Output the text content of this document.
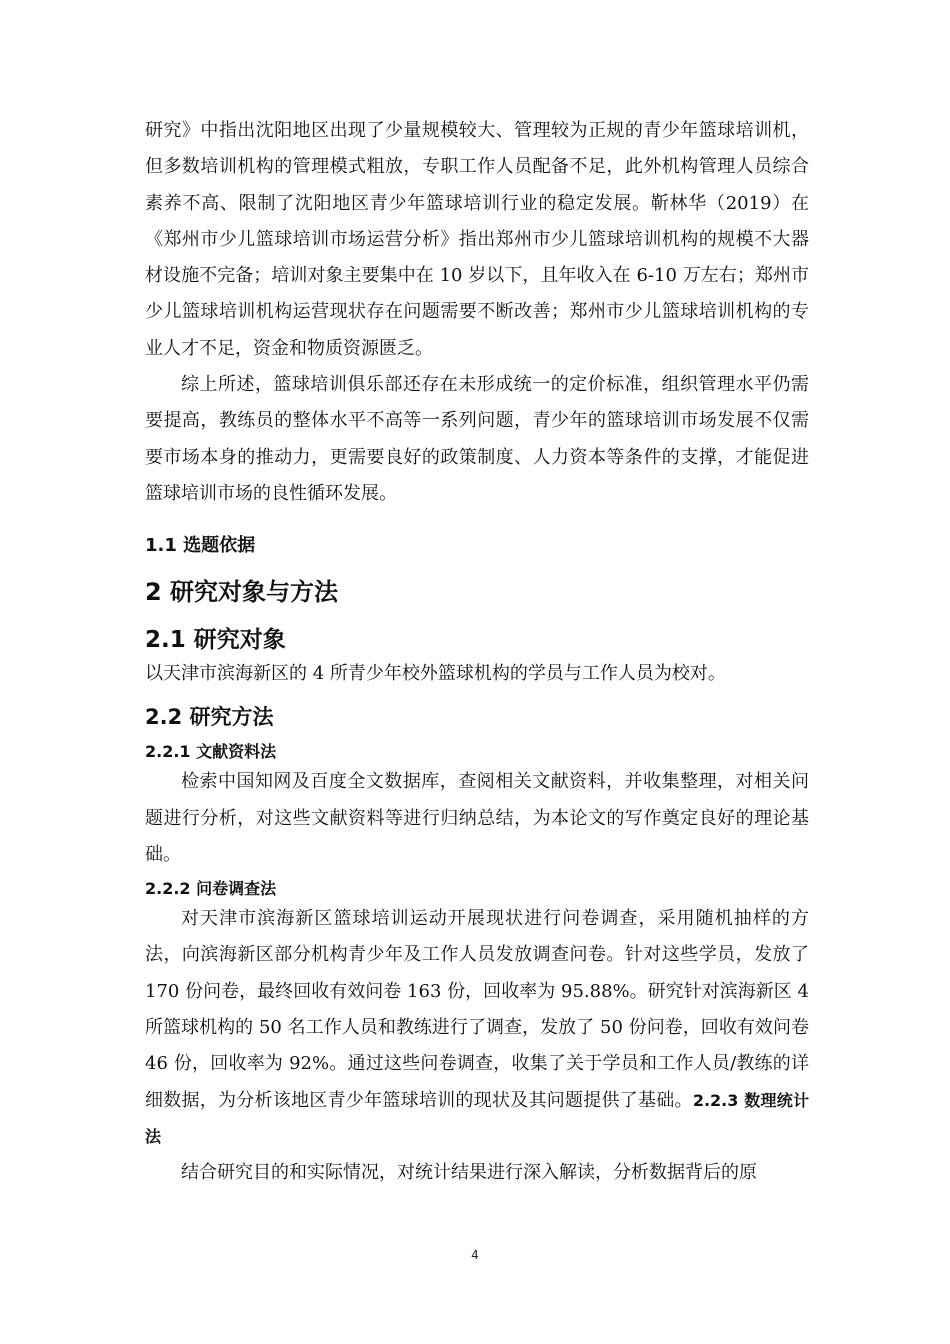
研究》中指出沈阳地区出现了少量规模较大、管理较为正规的青少年篮球培训机，但多数培训机构的管理模式粗放，专职工作人员配备不足，此外机构管理人员综合素养不高、限制了沈阳地区青少年篮球培训行业的稳定发展。靳林华（2019）在《郑州市少儿篮球培训市场运营分析》指出郑州市少儿篮球培训机构的规模不大器材设施不完备；培训对象主要集中在 10 岁以下，且年收入在 6-10 万左右；郑州市少儿篮球培训机构运营现状存在问题需要不断改善；郑州市少儿篮球培训机构的专业人才不足，资金和物质资源匮乏。

综上所述，篮球培训俱乐部还存在未形成统一的定价标准，组织管理水平仍需要提高，教练员的整体水平不高等一系列问题，青少年的篮球培训市场发展不仅需要市场本身的推动力，更需要良好的政策制度、人力资本等条件的支撑，才能促进篮球培训市场的良性循环发展。

1.1 选题依据
2 研究对象与方法
2.1 研究对象

以天津市滨海新区的 4 所青少年校外篮球机构的学员与工作人员为校对。

2.2 研究方法
2.2.1 文献资料法

检索中国知网及百度全文数据库，查阅相关文献资料，并收集整理，对相关问题进行分析，对这些文献资料等进行归纳总结，为本论文的写作奠定良好的理论基础。

2.2.2 问卷调查法

对天津市滨海新区篮球培训运动开展现状进行问卷调查，采用随机抽样的方法，向滨海新区部分机构青少年及工作人员发放调查问卷。针对这些学员，发放了 170 份问卷，最终回收有效问卷 163 份，回收率为 95.88%。研究针对滨海新区 4 所篮球机构的 50 名工作人员和教练进行了调查，发放了 50 份问卷，回收有效问卷 46 份，回收率为 92%。通过这些问卷调查，收集了关于学员和工作人员/教练的详细数据，为分析该地区青少年篮球培训的现状及其问题提供了基础。2.2.3 数理统计法

结合研究目的和实际情况，对统计结果进行深入解读，分析数据背后的原

4
